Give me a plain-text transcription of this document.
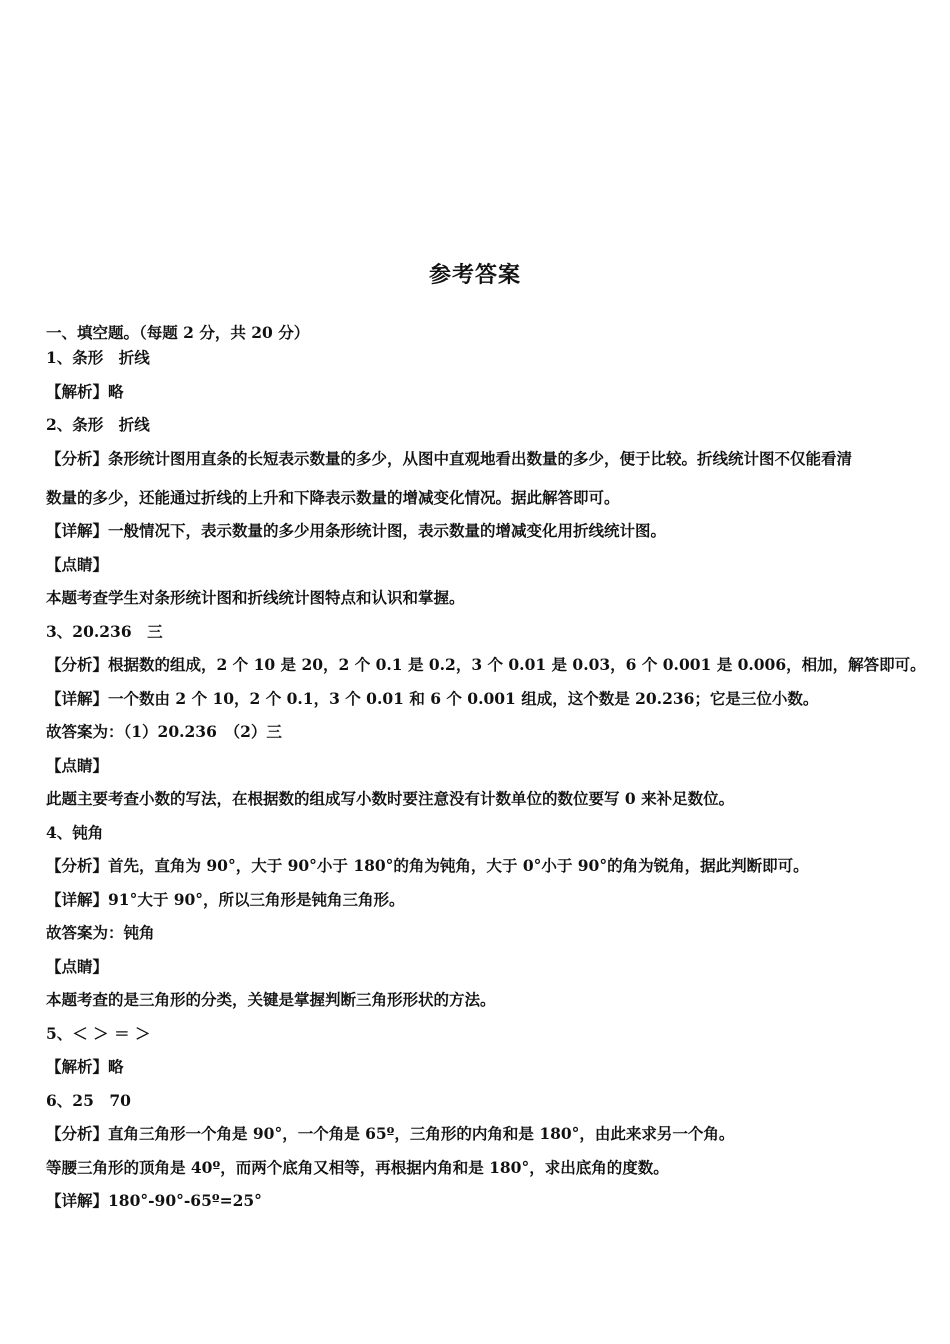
参考答案

一、填空题。（每题 2 分，共 20 分）

1、条形　折线

【解析】略

2、条形　折线

【分析】条形统计图用直条的长短表示数量的多少，从图中直观地看出数量的多少，便于比较。折线统计图不仅能看清
数量的多少，还能通过折线的上升和下降表示数量的增减变化情况。据此解答即可。

【详解】一般情况下，表示数量的多少用条形统计图，表示数量的增减变化用折线统计图。

【点睛】

本题考查学生对条形统计图和折线统计图特点和认识和掌握。

3、20.236　三

【分析】根据数的组成，2 个 10 是 20，2 个 0.1 是 0.2，3 个 0.01 是 0.03，6 个 0.001 是 0.006，相加，解答即可。

【详解】一个数由 2 个 10，2 个 0.1，3 个 0.01 和 6 个 0.001 组成，这个数是 20.236；它是三位小数。

故答案为：（1）20.236　（2）三

【点睛】

此题主要考查小数的写法，在根据数的组成写小数时要注意没有计数单位的数位要写 0 来补足数位。

4、钝角

【分析】首先，直角为 90°，大于 90°小于 180°的角为钝角，大于 0°小于 90°的角为锐角，据此判断即可。

【详解】91°大于 90°，所以三角形是钝角三角形。

故答案为：钝角

【点睛】

本题考查的是三角形的分类，关键是掌握判断三角形形状的方法。

5、＜ ＞ ＝ ＞

【解析】略

6、25　70

【分析】直角三角形一个角是 90°，一个角是 65º，三角形的内角和是 180°，由此来求另一个角。

等腰三角形的顶角是 40º，而两个底角又相等，再根据内角和是 180°，求出底角的度数。

【详解】180°-90°-65º=25°
